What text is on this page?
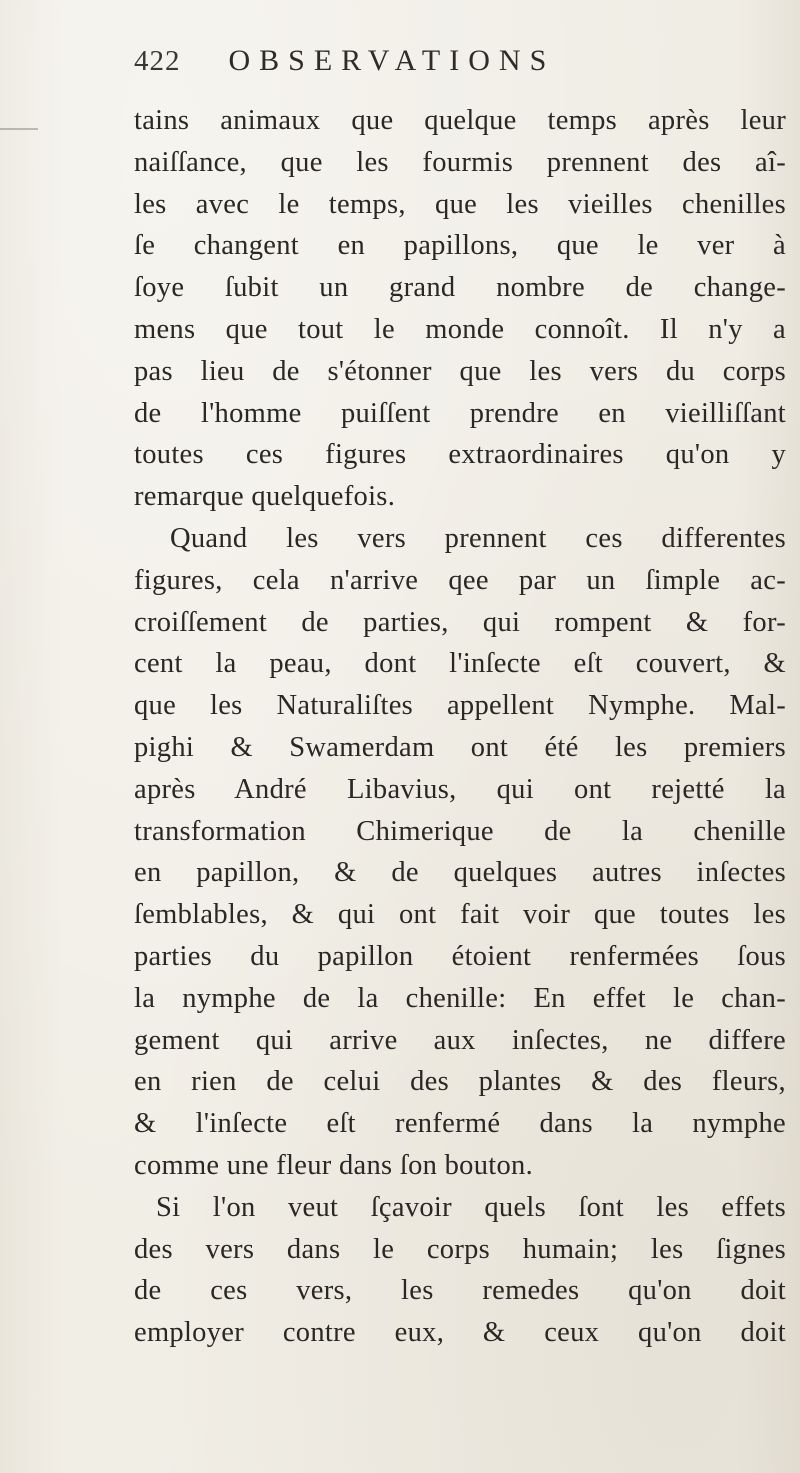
422 OBSERVATIONS
tains animaux que quelque temps après leur
naiſſance, que les fourmis prennent des aî-
les avec le temps, que les vieilles chenilles
ſe changent en papillons, que le ver à
ſoye ſubit un grand nombre de change-
mens que tout le monde connoît. Il n'y a
pas lieu de s'étonner que les vers du corps
de l'homme puiſſent prendre en vieilliſſant
toutes ces figures extraordinaires qu'on y
remarque quelquefois.
Quand les vers prennent ces differentes
figures, cela n'arrive qee par un ſimple ac-
croiſſement de parties, qui rompent & for-
cent la peau, dont l'inſecte eſt couvert, &
que les Naturaliſtes appellent Nymphe. Mal-
pighi & Swamerdam ont été les premiers
après André Libavius, qui ont rejetté la
transformation Chimerique de la chenille
en papillon, & de quelques autres inſectes
ſemblables, & qui ont fait voir que toutes les
parties du papillon étoient renfermées ſous
la nymphe de la chenille: En effet le chan-
gement qui arrive aux inſectes, ne differe
en rien de celui des plantes & des fleurs,
& l'inſecte eſt renfermé dans la nymphe
comme une fleur dans ſon bouton.
Si l'on veut ſçavoir quels ſont les effets
des vers dans le corps humain; les ſignes
de ces vers, les remedes qu'on doit
employer contre eux, & ceux qu'on doit
